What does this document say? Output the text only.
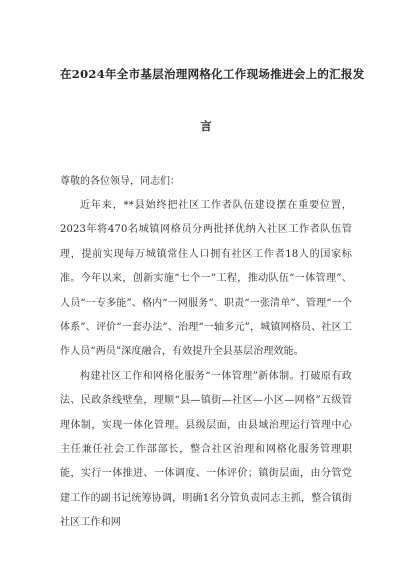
在2024年全市基层治理网格化工作现场推进会上的汇报发
言

尊敬的各位领导，同志们：

近年来，**县始终把社区工作者队伍建设摆在重要位置，2023年将470名城镇网格员分两批择优纳入社区工作者队伍管理，提前实现每万城镇常住人口拥有社区工作者18人的国家标准。今年以来，创新实施“七个一”工程，推动队伍“一体管理”、人员“一专多能”、格内“一网服务”、职责“一张清单”、管理“一个体系”、评价“一套办法”、治理“一轴多元”，城镇网格员、社区工作人员“两员”深度融合，有效提升全县基层治理效能。

构建社区工作和网格化服务“一体管理”新体制。打破原有政法、民政条线壁垒，理顺“县—镇街—社区—小区—网格”五级管理体制，实现一体化管理。县级层面，由县域治理运行管理中心主任兼任社会工作部部长，整合社区治理和网格化服务管理职能，实行一体推进、一体调度、一体评价；镇街层面，由分管党建工作的副书记统筹协调，明确1名分管负责同志主抓，整合镇街社区工作和网
